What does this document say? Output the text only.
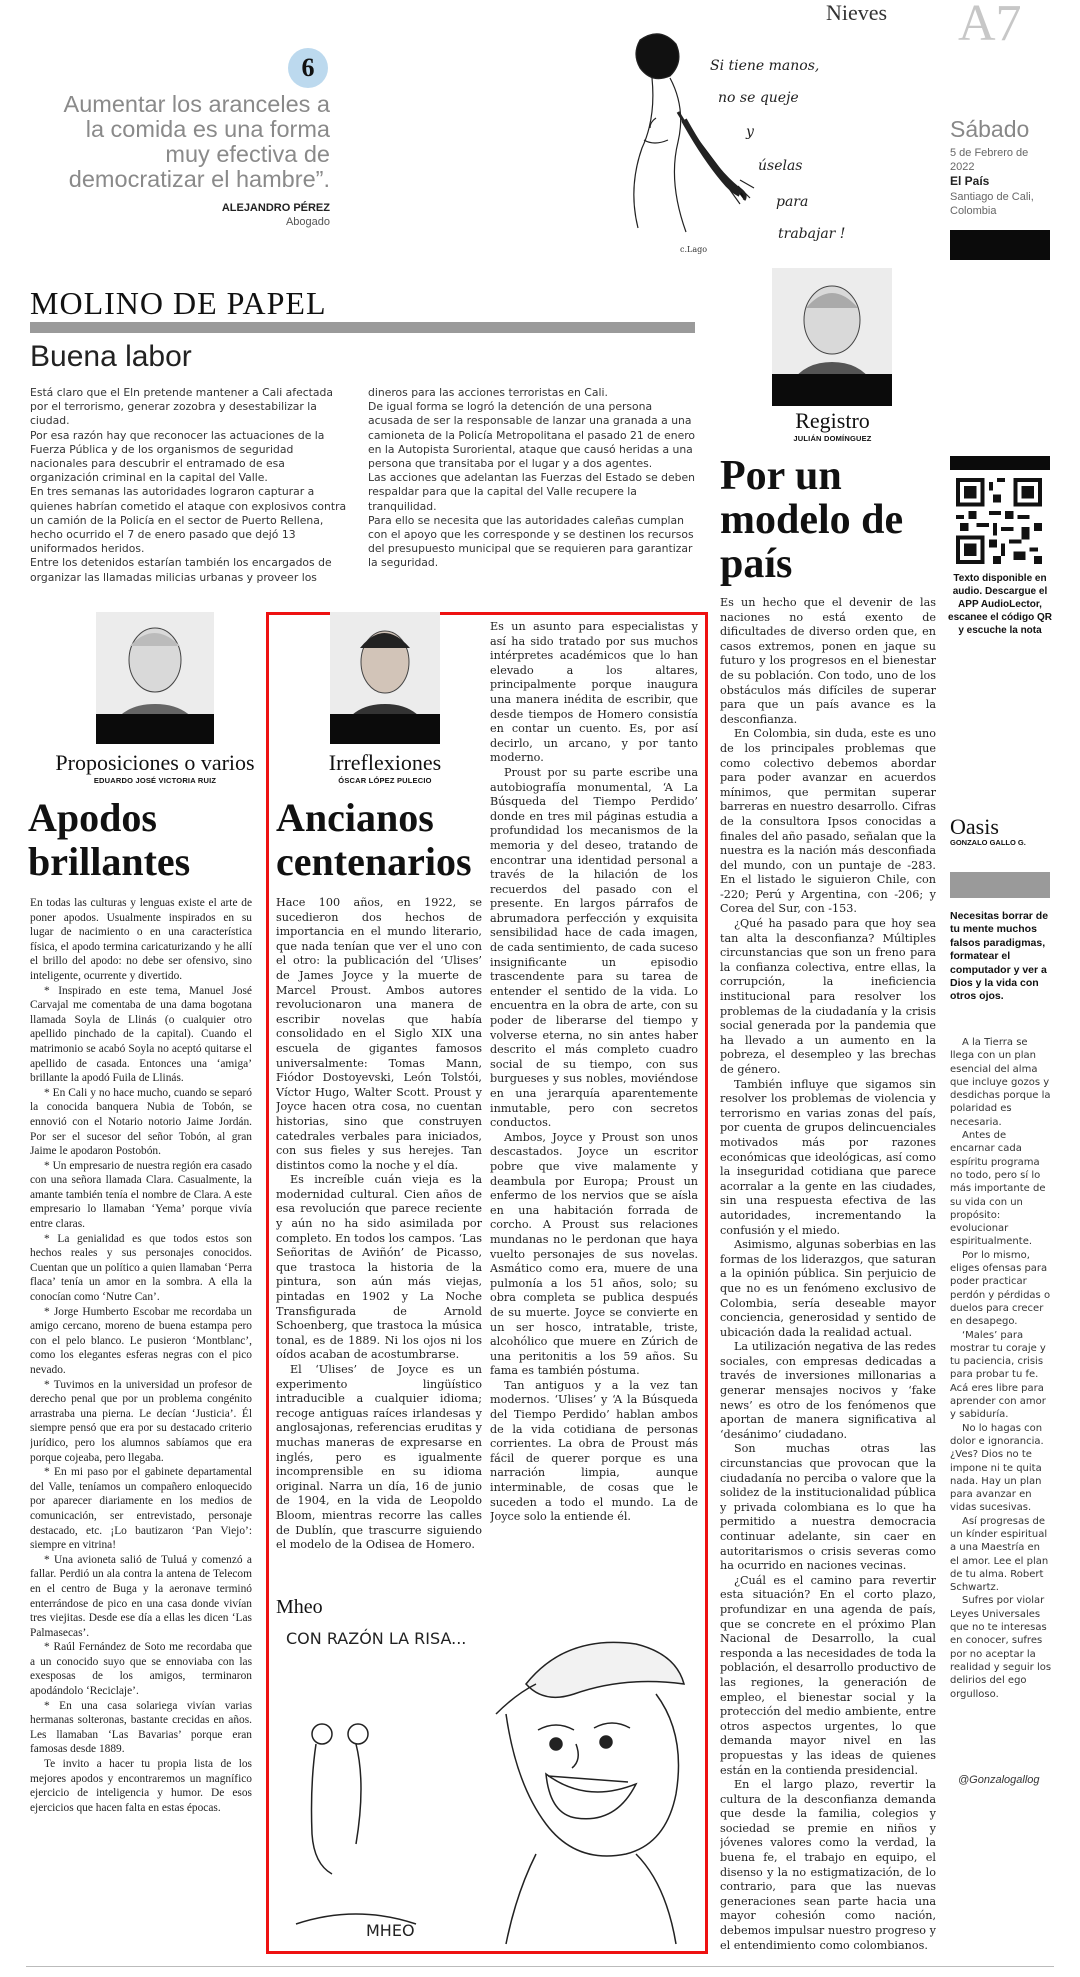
Nieves A7
Sábado
5 de Febrero de 2022
El País
Santiago de Cali, Colombia
6
Aumentar los aranceles a la comida es una forma muy efectiva de democratizar el hambre”.
ALEJANDRO PÉREZ
Abogado
Si tiene manos,
no se queje
y
úselas
para
trabajar !
c.Lago
MOLINO DE PAPEL
Buena labor

Está claro que el Eln pretende mantener a Cali afectada por el terrorismo, generar zozobra y desestabilizar la ciudad.

Por esa razón hay que reconocer las actuaciones de la Fuerza Pública y de los organismos de seguridad nacionales para descubrir el entramado de esa organización criminal en la capital del Valle.

En tres semanas las autoridades lograron capturar a quienes habrían cometido el ataque con explosivos contra un camión de la Policía en el sector de Puerto Rellena, hecho ocurrido el 7 de enero pasado que dejó 13 uniformados heridos.

Entre los detenidos estarían también los encargados de organizar las llamadas milicias urbanas y proveer los

dineros para las acciones terroristas en Cali.

De igual forma se logró la detención de una persona acusada de ser la responsable de lanzar una granada a una camioneta de la Policía Metropolitana el pasado 21 de enero en la Autopista Suroriental, ataque que causó heridas a una persona que transitaba por el lugar y a dos agentes.

Las acciones que adelantan las Fuerzas del Estado se deben respaldar para que la capital del Valle recupere la tranquilidad.

Para ello se necesita que las autoridades caleñas cumplan con el apoyo que les corresponde y se destinen los recursos del presupuesto municipal que se requieren para garantizar la seguridad.

Registro
JULIÁN DOMÍNGUEZ
Por un modelo de país

Es un hecho que el devenir de las naciones no está exento de dificultades de diverso orden que, en casos extremos, ponen en jaque su futuro y los progresos en el bienestar de su población. Con todo, uno de los obstáculos más difíciles de superar para que un país avance es la desconfianza.

En Colombia, sin duda, este es uno de los principales problemas que como colectivo debemos abordar para poder avanzar en acuerdos mínimos, que permitan superar barreras en nuestro desarrollo. Cifras de la consultora Ipsos conocidas a finales del año pasado, señalan que la nuestra es la nación más desconfiada del mundo, con un puntaje de -283. En el listado le siguieron Chile, con -220; Perú y Argentina, con -206; y Corea del Sur, con -153.

¿Qué ha pasado para que hoy sea tan alta la desconfianza? Múltiples circunstancias que son un freno para la confianza colectiva, entre ellas, la corrupción, la ineficiencia institucional para resolver los problemas de la ciudadanía y la crisis social generada por la pandemia que ha llevado a un aumento en la pobreza, el desempleo y las brechas de género.

También influye que sigamos sin resolver los problemas de violencia y terrorismo en varias zonas del país, por cuenta de grupos delincuenciales motivados más por razones económicas que ideológicas, así como la inseguridad cotidiana que parece acorralar a la gente en las ciudades, sin una respuesta efectiva de las autoridades, incrementando la confusión y el miedo.

Asimismo, algunas soberbias en las formas de los liderazgos, que saturan a la opinión pública. Sin perjuicio de que no es un fenómeno exclusivo de Colombia, sería deseable mayor conciencia, generosidad y sentido de ubicación dada la realidad actual.

La utilización negativa de las redes sociales, con empresas dedicadas a través de inversiones millonarias a generar mensajes nocivos y ‘fake news’ es otro de los fenómenos que aportan de manera significativa al ‘desánimo’ ciudadano.

Son muchas otras las circunstancias que provocan que la ciudadanía no perciba o valore que la solidez de la institucionalidad pública y privada colombiana es lo que ha permitido a nuestra democracia continuar adelante, sin caer en autoritarismos o crisis severas como ha ocurrido en naciones vecinas.

¿Cuál es el camino para revertir esta situación? En el corto plazo, profundizar en una agenda de país, que se concrete en el próximo Plan Nacional de Desarrollo, la cual responda a las necesidades de toda la población, el desarrollo productivo de las regiones, la generación de empleo, el bienestar social y la protección del medio ambiente, entre otros aspectos urgentes, lo que demanda mayor nivel en las propuestas y las ideas de quienes están en la contienda presidencial.

En el largo plazo, revertir la cultura de la desconfianza demanda que desde la familia, colegios y sociedad se premie en niños y jóvenes valores como la verdad, la buena fe, el trabajo en equipo, el disenso y la no estigmatización, de lo contrario, para que las nuevas generaciones sean parte hacia una mayor cohesión como nación, debemos impulsar nuestro progreso y el entendimiento como colombianos.

Texto disponible en audio. Descargue el APP AudioLector, escanee el código QR y escuche la nota
Oasis
GONZALO GALLO G.
Necesitas borrar de tu mente muchos falsos paradigmas, formatear el computador y ver a Dios y la vida con otros ojos.

A la Tierra se llega con un plan esencial del alma que incluye gozos y desdichas porque la polaridad es necesaria.

Antes de encarnar cada espíritu programa no todo, pero sí lo más importante de su vida con un propósito: evolucionar espiritualmente.

Por lo mismo, eliges ofensas para poder practicar perdón y pérdidas o duelos para crecer en desapego.

‘Males’ para mostrar tu coraje y tu paciencia, crisis para probar tu fe. Acá eres libre para aprender con amor y sabiduría.

No lo hagas con dolor e ignorancia. ¿Ves? Dios no te impone ni te quita nada. Hay un plan para avanzar en vidas sucesivas.

Así progresas de un kínder espiritual a una Maestría en el amor. Lee el plan de tu alma. Robert Schwartz.

Sufres por violar Leyes Universales que no te interesas en conocer, sufres por no aceptar la realidad y seguir los delirios del ego orgulloso.

@Gonzalogallog
Proposiciones o varios
EDUARDO JOSÉ VICTORIA RUIZ
Apodos brillantes

En todas las culturas y lenguas existe el arte de poner apodos. Usualmente inspirados en su lugar de nacimiento o en una característica física, el apodo termina caricaturizando y he allí el brillo del apodo: no debe ser ofensivo, sino inteligente, ocurrente y divertido.

* Inspirado en este tema, Manuel José Carvajal me comentaba de una dama bogotana llamada Soyla de Llinás (o cualquier otro apellido pinchado de la capital). Cuando el matrimonio se acabó Soyla no aceptó quitarse el apellido de casada. Entonces una ‘amiga’ brillante la apodó Fuila de Llinás.

* En Cali y no hace mucho, cuando se separó la conocida banquera Nubia de Tobón, se ennovió con el Notario notorio Jaime Jordán. Por ser el sucesor del señor Tobón, al gran Jaime le apodaron Postobón.

* Un empresario de nuestra región era casado con una señora llamada Clara. Casualmente, la amante también tenía el nombre de Clara. A este empresario lo llamaban ‘Yema’ porque vivía entre claras.

* La genialidad es que todos estos son hechos reales y sus personajes conocidos. Cuentan que un político a quien llamaban ‘Perra flaca’ tenía un amor en la sombra. A ella la conocían como ‘Nutre Can’.

* Jorge Humberto Escobar me recordaba un amigo cercano, moreno de buena estampa pero con el pelo blanco. Le pusieron ‘Montblanc’, como los elegantes esferas negras con el pico nevado.

* Tuvimos en la universidad un profesor de derecho penal que por un problema congénito arrastraba una pierna. Le decían ‘Justicia’. Él siempre pensó que era por su destacado criterio jurídico, pero los alumnos sabíamos que era porque cojeaba, pero llegaba.

* En mi paso por el gabinete departamental del Valle, teníamos un compañero enloquecido por aparecer diariamente en los medios de comunicación, ser entrevistado, personaje destacado, etc. ¡Lo bautizaron ‘Pan Viejo’: siempre en vitrina!

* Una avioneta salió de Tuluá y comenzó a fallar. Perdió un ala contra la antena de Telecom en el centro de Buga y la aeronave terminó enterrándose de pico en una casa donde vivían tres viejitas. Desde ese día a ellas les dicen ‘Las Palmasecas’.

* Raúl Fernández de Soto me recordaba que a un conocido suyo que se ennoviaba con las exesposas de los amigos, terminaron apodándolo ‘Reciclaje’.

* En una casa solariega vivían varias hermanas solteronas, bastante crecidas en años. Les llamaban ‘Las Bavarias’ porque eran famosas desde 1889.

Te invito a hacer tu propia lista de los mejores apodos y encontraremos un magnífico ejercicio de inteligencia y humor. De esos ejercicios que hacen falta en estas épocas.

Irreflexiones
ÓSCAR LÓPEZ PULECIO
Ancianos centenarios

Hace 100 años, en 1922, se sucedieron dos hechos de importancia en el mundo literario, que nada tenían que ver el uno con el otro: la publicación del ‘Ulises’ de James Joyce y la muerte de Marcel Proust. Ambos autores revolucionaron una manera de escribir novelas que había consolidado en el Siglo XIX una escuela de gigantes famosos universalmente: Tomas Mann, Fiódor Dostoyevski, León Tolstói, Víctor Hugo, Walter Scott. Proust y Joyce hacen otra cosa, no cuentan historias, sino que construyen catedrales verbales para iniciados, con sus fieles y sus herejes. Tan distintos como la noche y el día.

Es increíble cuán vieja es la modernidad cultural. Cien años de esa revolución que parece reciente y aún no ha sido asimilada por completo. En todos los campos. ‘Las Señoritas de Aviñón’ de Picasso, que trastoca la historia de la pintura, son aún más viejas, pintadas en 1902 y La Noche Transfigurada de Arnold Schoenberg, que trastoca la música tonal, es de 1889. Ni los ojos ni los oídos acaban de acostumbrarse.

El ‘Ulises’ de Joyce es un experimento lingüístico intraducible a cualquier idioma; recoge antiguas raíces irlandesas y anglosajonas, referencias eruditas y muchas maneras de expresarse en inglés, pero es igualmente incomprensible en su idioma original. Narra un día, 16 de junio de 1904, en la vida de Leopoldo Bloom, mientras recorre las calles de Dublín, que trascurre siguiendo el modelo de la Odisea de Homero.

Es un asunto para especialistas y así ha sido tratado por sus muchos intérpretes académicos que lo han elevado a los altares, principalmente porque inaugura una manera inédita de escribir, que desde tiempos de Homero consistía en contar un cuento. Es, por así decirlo, un arcano, y por tanto moderno.

Proust por su parte escribe una autobiografía monumental, ‘A La Búsqueda del Tiempo Perdido’ donde en tres mil páginas estudia a profundidad los mecanismos de la memoria y del deseo, tratando de encontrar una identidad personal a través de la hilación de los recuerdos del pasado con el presente. En largos párrafos de abrumadora perfección y exquisita sensibilidad hace de cada imagen, de cada sentimiento, de cada suceso insignificante un episodio trascendente para su tarea de entender el sentido de la vida. Lo encuentra en la obra de arte, con su poder de liberarse del tiempo y volverse eterna, no sin antes haber descrito el más completo cuadro social de su tiempo, con sus burgueses y sus nobles, moviéndose en una jerarquía aparentemente inmutable, pero con secretos conductos.

Ambos, Joyce y Proust son unos descastados. Joyce un escritor pobre que vive malamente y deambula por Europa; Proust un enfermo de los nervios que se aísla en una habitación forrada de corcho. A Proust sus relaciones mundanas no le perdonan que haya vuelto personajes de sus novelas. Asmático como era, muere de una pulmonía a los 51 años, solo; su obra completa se publica después de su muerte. Joyce se convierte en un ser hosco, intratable, triste, alcohólico que muere en Zúrich de una peritonitis a los 59 años. Su fama es también póstuma.

Tan antiguos y a la vez tan modernos. ‘Ulises’ y ‘A la Búsqueda del Tiempo Perdido’ hablan ambos de la vida cotidiana de personas corrientes. La obra de Proust más fácil de querer porque es una narración limpia, aunque interminable, de cosas que le suceden a todo el mundo. La de Joyce solo la entiende él.

Mheo
CON RAZÓN LA RISA...
MHEO
